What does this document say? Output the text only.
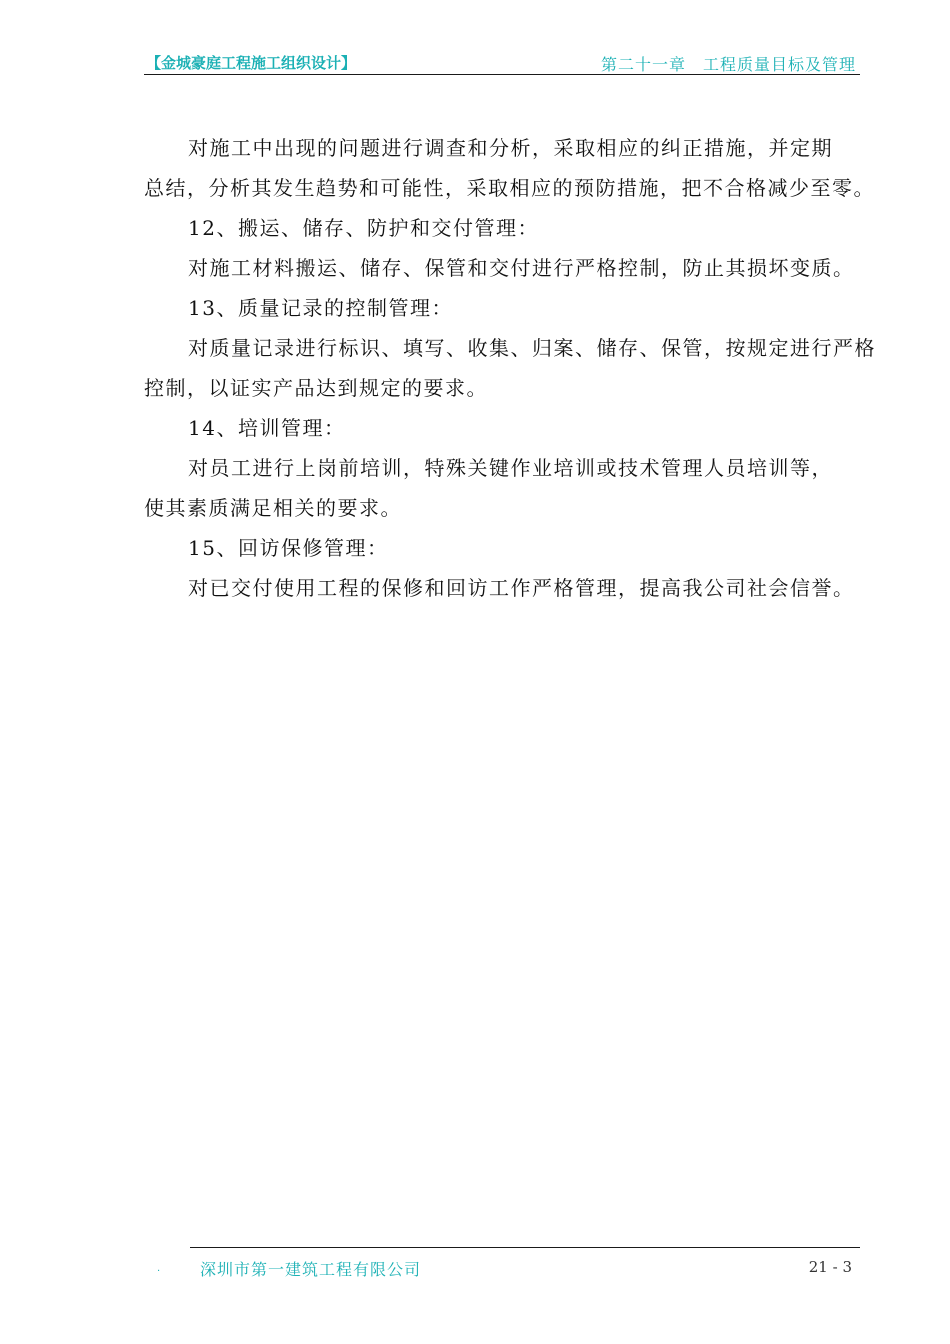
【金城豪庭工程施工组织设计】	第二十一章　工程质量目标及管理

对施工中出现的问题进行调查和分析，采取相应的纠正措施，并定期

总结，分析其发生趋势和可能性，采取相应的预防措施，把不合格减少至零。

12、搬运、储存、防护和交付管理：

对施工材料搬运、储存、保管和交付进行严格控制，防止其损坏变质。

13、质量记录的控制管理：

对质量记录进行标识、填写、收集、归案、储存、保管，按规定进行严格

控制，以证实产品达到规定的要求。

14、培训管理：

对员工进行上岗前培训，特殊关键作业培训或技术管理人员培训等，

使其素质满足相关的要求。

15、回访保修管理：

对已交付使用工程的保修和回访工作严格管理，提高我公司社会信誉。

· 深圳市第一建筑工程有限公司	21 - 3
